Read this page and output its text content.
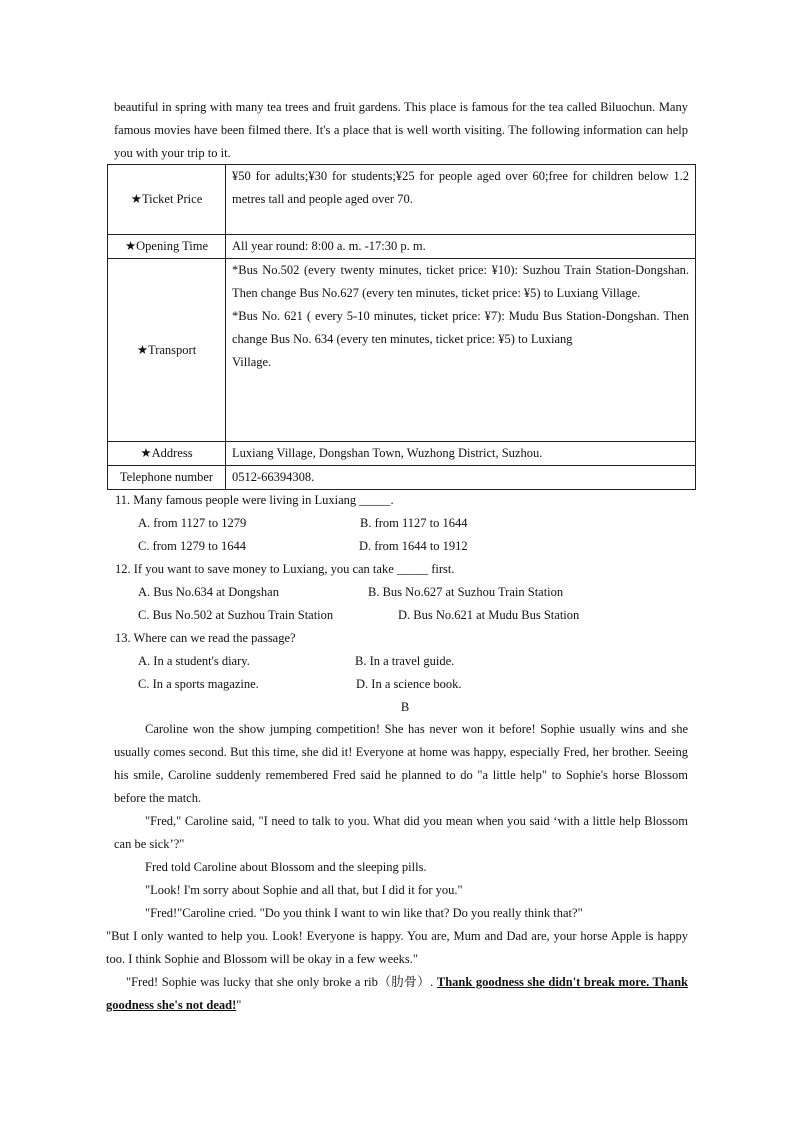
beautiful in spring with many tea trees and fruit gardens. This place is famous for the tea called Biluochun. Many famous movies have been filmed there. It's a place that is well worth visiting. The following information can help you with your trip to it.

★Ticket Price	¥50 for adults;¥30 for students;¥25 for people aged over 60;free for children below 1.2 metres tall and people aged over 70.
★Opening Time	All year round: 8:00 a. m. -17:30 p. m.
★Transport	*Bus No.502 (every twenty minutes, ticket price: ¥10): Suzhou Train Station-Dongshan. Then change Bus No.627 (every ten minutes, ticket price: ¥5) to Luxiang Village.
*Bus No. 621 ( every 5-10 minutes, ticket price: ¥7): Mudu Bus Station-Dongshan. Then change Bus No. 634 (every ten minutes, ticket price: ¥5) to Luxiang
Village.

★Address	Luxiang Village, Dongshan Town, Wuzhong District, Suzhou.
Telephone number	0512-66394308.

11. Many famous people were living in Luxiang _____.

A. from 1127 to 1279	B. from 1127 to 1644
C. from 1279 to 1644	D. from 1644 to 1912

12. If you want to save money to Luxiang, you can take _____ first.

A. Bus No.634 at Dongshan	B. Bus No.627 at Suzhou Train Station
C. Bus No.502 at Suzhou Train Station	D. Bus No.621 at Mudu Bus Station

13. Where can we read the passage?

A. In a student's diary.	B. In a travel guide.
C. In a sports magazine.	D. In a science book.
B

Caroline won the show jumping competition! She has never won it before! Sophie usually wins and she usually comes second. But this time, she did it! Everyone at home was happy, especially Fred, her brother. Seeing his smile, Caroline suddenly remembered Fred said he planned to do "a little help" to Sophie's horse Blossom before the match.

"Fred," Caroline said, "I need to talk to you. What did you mean when you said ‘with a little help Blossom can be sick’?"

Fred told Caroline about Blossom and the sleeping pills.

"Look! I'm sorry about Sophie and all that, but I did it for you."

"Fred!"Caroline cried. "Do you think I want to win like that? Do you really think that?"

"But I only wanted to help you. Look! Everyone is happy. You are, Mum and Dad are, your horse Apple is happy too. I think Sophie and Blossom will be okay in a few weeks."

"Fred! Sophie was lucky that she only broke a rib（肋骨）. Thank goodness she didn't break more. Thank goodness she's not dead!"
